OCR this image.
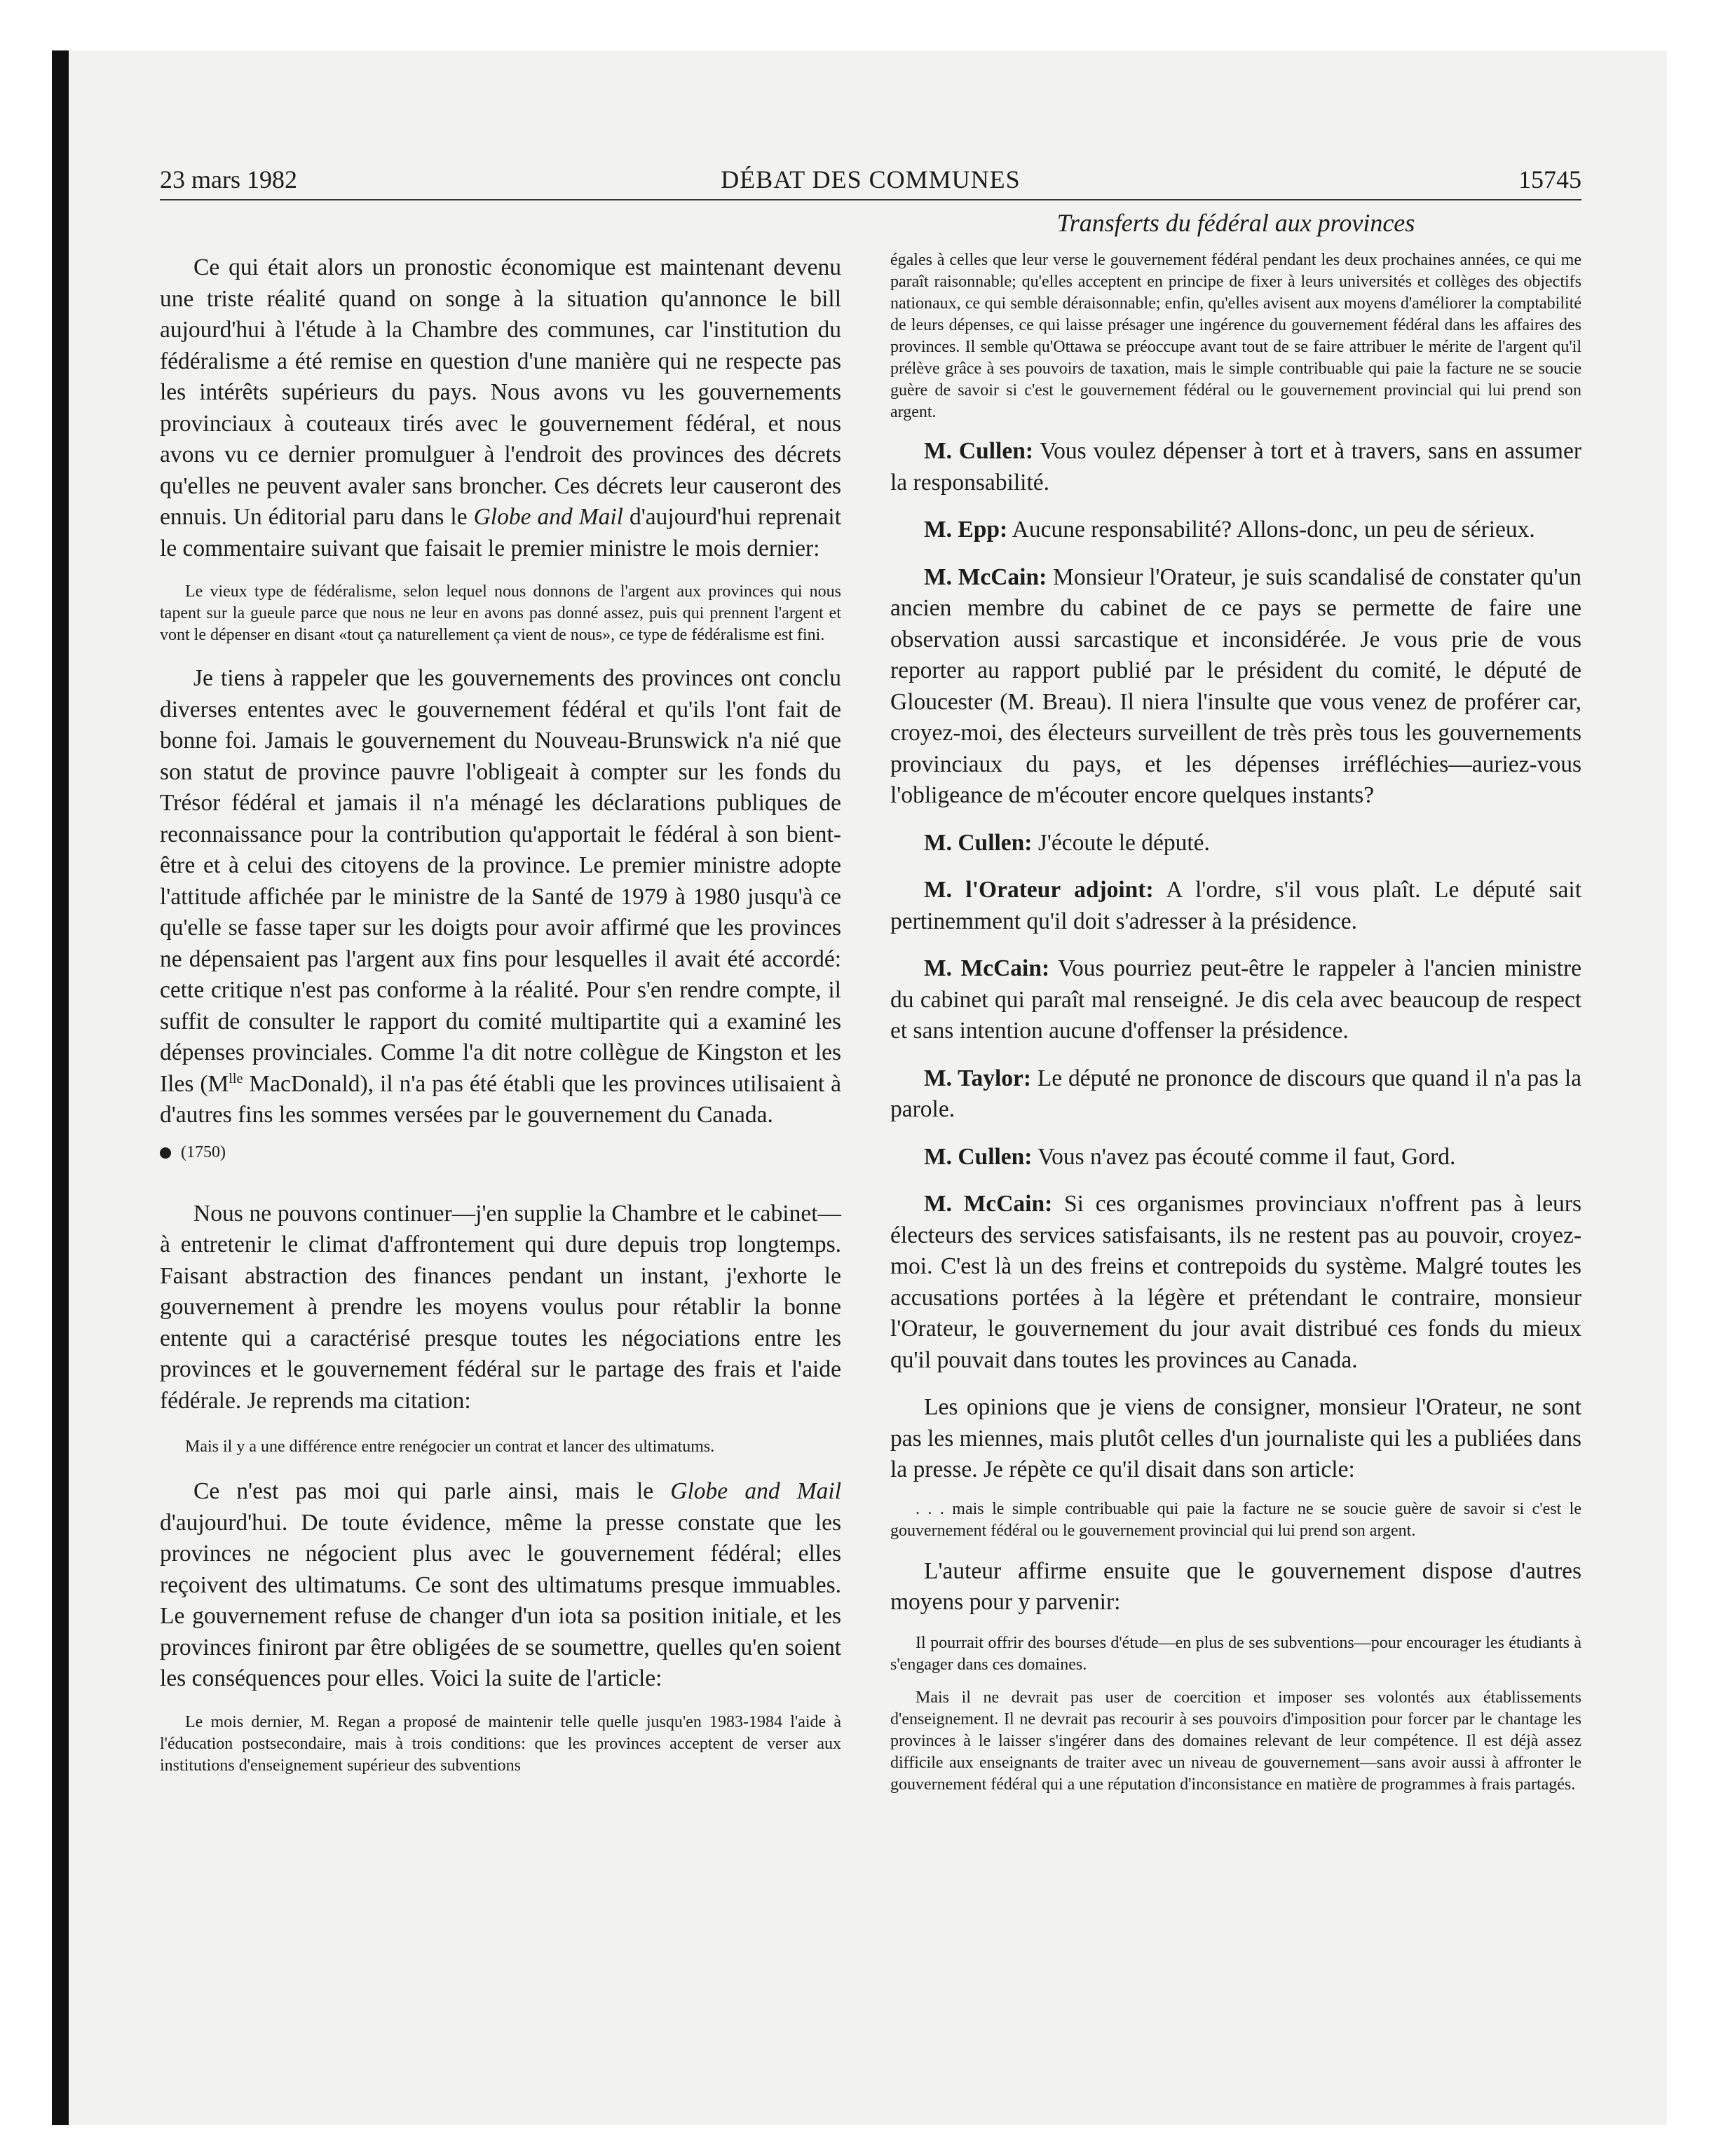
23 mars 1982	DÉBAT DES COMMUNES	15745
Transferts du fédéral aux provinces

Ce qui était alors un pronostic économique est maintenant devenu une triste réalité quand on songe à la situation qu'annonce le bill aujourd'hui à l'étude à la Chambre des communes, car l'institution du fédéralisme a été remise en question d'une manière qui ne respecte pas les intérêts supérieurs du pays. Nous avons vu les gouvernements provinciaux à couteaux tirés avec le gouvernement fédéral, et nous avons vu ce dernier promulguer à l'endroit des provinces des décrets qu'elles ne peuvent avaler sans broncher. Ces décrets leur causeront des ennuis. Un éditorial paru dans le Globe and Mail d'aujourd'hui reprenait le commentaire suivant que faisait le premier ministre le mois dernier:

Le vieux type de fédéralisme, selon lequel nous donnons de l'argent aux provinces qui nous tapent sur la gueule parce que nous ne leur en avons pas donné assez, puis qui prennent l'argent et vont le dépenser en disant «tout ça naturellement ça vient de nous», ce type de fédéralisme est fini.

Je tiens à rappeler que les gouvernements des provinces ont conclu diverses ententes avec le gouvernement fédéral et qu'ils l'ont fait de bonne foi. Jamais le gouvernement du Nouveau-Brunswick n'a nié que son statut de province pauvre l'obligeait à compter sur les fonds du Trésor fédéral et jamais il n'a ménagé les déclarations publiques de reconnaissance pour la contribution qu'apportait le fédéral à son bient-être et à celui des citoyens de la province. Le premier ministre adopte l'attitude affichée par le ministre de la Santé de 1979 à 1980 jusqu'à ce qu'elle se fasse taper sur les doigts pour avoir affirmé que les provinces ne dépensaient pas l'argent aux fins pour lesquelles il avait été accordé: cette critique n'est pas conforme à la réalité. Pour s'en rendre compte, il suffit de consulter le rapport du comité multipartite qui a examiné les dépenses provinciales. Comme l'a dit notre collègue de Kingston et les Iles ($M^{lle}$ MacDonald), il n'a pas été établi que les provinces utilisaient à d'autres fins les sommes versées par le gouvernement du Canada.

(1750)

Nous ne pouvons continuer—j'en supplie la Chambre et le cabinet—à entretenir le climat d'affrontement qui dure depuis trop longtemps. Faisant abstraction des finances pendant un instant, j'exhorte le gouvernement à prendre les moyens voulus pour rétablir la bonne entente qui a caractérisé presque toutes les négociations entre les provinces et le gouvernement fédéral sur le partage des frais et l'aide fédérale. Je reprends ma citation:

Mais il y a une différence entre renégocier un contrat et lancer des ultimatums.

Ce n'est pas moi qui parle ainsi, mais le Globe and Mail d'aujourd'hui. De toute évidence, même la presse constate que les provinces ne négocient plus avec le gouvernement fédéral; elles reçoivent des ultimatums. Ce sont des ultimatums presque immuables. Le gouvernement refuse de changer d'un iota sa position initiale, et les provinces finiront par être obligées de se soumettre, quelles qu'en soient les conséquences pour elles. Voici la suite de l'article:

Le mois dernier, M. Regan a proposé de maintenir telle quelle jusqu'en 1983-1984 l'aide à l'éducation postsecondaire, mais à trois conditions: que les provinces acceptent de verser aux institutions d'enseignement supérieur des subventions

égales à celles que leur verse le gouvernement fédéral pendant les deux prochaines années, ce qui me paraît raisonnable; qu'elles acceptent en principe de fixer à leurs universités et collèges des objectifs nationaux, ce qui semble déraisonnable; enfin, qu'elles avisent aux moyens d'améliorer la comptabilité de leurs dépenses, ce qui laisse présager une ingérence du gouvernement fédéral dans les affaires des provinces. Il semble qu'Ottawa se préoccupe avant tout de se faire attribuer le mérite de l'argent qu'il prélève grâce à ses pouvoirs de taxation, mais le simple contribuable qui paie la facture ne se soucie guère de savoir si c'est le gouvernement fédéral ou le gouvernement provincial qui lui prend son argent.

M. Cullen: Vous voulez dépenser à tort et à travers, sans en assumer la responsabilité.

M. Epp: Aucune responsabilité? Allons-donc, un peu de sérieux.

M. McCain: Monsieur l'Orateur, je suis scandalisé de constater qu'un ancien membre du cabinet de ce pays se permette de faire une observation aussi sarcastique et inconsidérée. Je vous prie de vous reporter au rapport publié par le président du comité, le député de Gloucester (M. Breau). Il niera l'insulte que vous venez de proférer car, croyez-moi, des électeurs surveillent de très près tous les gouvernements provinciaux du pays, et les dépenses irréfléchies—auriez-vous l'obligeance de m'écouter encore quelques instants?

M. Cullen: J'écoute le député.

M. l'Orateur adjoint: A l'ordre, s'il vous plaît. Le député sait pertinemment qu'il doit s'adresser à la présidence.

M. McCain: Vous pourriez peut-être le rappeler à l'ancien ministre du cabinet qui paraît mal renseigné. Je dis cela avec beaucoup de respect et sans intention aucune d'offenser la présidence.

M. Taylor: Le député ne prononce de discours que quand il n'a pas la parole.

M. Cullen: Vous n'avez pas écouté comme il faut, Gord.

M. McCain: Si ces organismes provinciaux n'offrent pas à leurs électeurs des services satisfaisants, ils ne restent pas au pouvoir, croyez-moi. C'est là un des freins et contrepoids du système. Malgré toutes les accusations portées à la légère et prétendant le contraire, monsieur l'Orateur, le gouvernement du jour avait distribué ces fonds du mieux qu'il pouvait dans toutes les provinces au Canada.

Les opinions que je viens de consigner, monsieur l'Orateur, ne sont pas les miennes, mais plutôt celles d'un journaliste qui les a publiées dans la presse. Je répète ce qu'il disait dans son article:

. . . mais le simple contribuable qui paie la facture ne se soucie guère de savoir si c'est le gouvernement fédéral ou le gouvernement provincial qui lui prend son argent.

L'auteur affirme ensuite que le gouvernement dispose d'autres moyens pour y parvenir:

Il pourrait offrir des bourses d'étude—en plus de ses subventions—pour encourager les étudiants à s'engager dans ces domaines.

Mais il ne devrait pas user de coercition et imposer ses volontés aux établissements d'enseignement. Il ne devrait pas recourir à ses pouvoirs d'imposition pour forcer par le chantage les provinces à le laisser s'ingérer dans des domaines relevant de leur compétence. Il est déjà assez difficile aux enseignants de traiter avec un niveau de gouvernement—sans avoir aussi à affronter le gouvernement fédéral qui a une réputation d'inconsistance en matière de programmes à frais partagés.
